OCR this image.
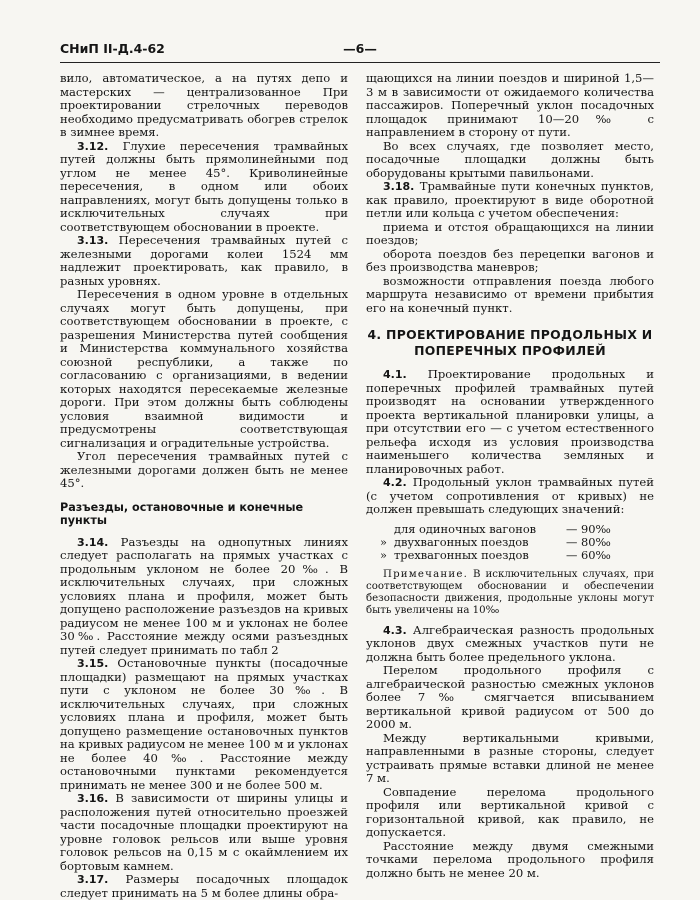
СНиП II-Д.4-62	—6—

вило, автоматическое, а на путях депо и мастерских — централизованное При проектировании стрелочных переводов необходимо предусматривать обогрев стрелок в зимнее время.

3.12. Глухие пересечения трамвайных путей должны быть прямолинейными под углом не менее 45°. Криволинейные пересечения, в одном или обоих направлениях, могут быть допущены только в исключительных случаях при соответствующем обосновании в проекте.

3.13. Пересечения трамвайных путей с железными дорогами колеи 1524 мм надлежит проектировать, как правило, в разных уровнях.

Пересечения в одном уровне в отдельных случаях могут быть допущены, при соответствующем обосновании в проекте, с разрешения Министерства путей сообщения и Министерства коммунального хозяйства союзной республики, а также по согласованию с организациями, в ведении которых находятся пересекаемые железные дороги. При этом должны быть соблюдены условия взаимной видимости и предусмотрены соответствующая сигнализация и оградительные устройства.

Угол пересечения трамвайных путей с железными дорогами должен быть не менее 45°.

Разъезды, остановочные и конечные пункты

3.14. Разъезды на однопутных линиях следует располагать на прямых участках с продольным уклоном не более 20‰. В исключительных случаях, при сложных условиях плана и профиля, может быть допущено расположение разъездов на кривых радиусом не менее 100 м и уклонах не более 30‰. Расстояние между осями разъездных путей следует принимать по табл 2

3.15. Остановочные пункты (посадочные площадки) размещают на прямых участках пути с уклоном не более 30‰. В исключительных случаях, при сложных условиях плана и профиля, может быть допущено размещение остановочных пунктов на кривых радиусом не менее 100 м и уклонах не более 40‰. Расстояние между остановочными пунктами рекомендуется принимать не менее 300 и не более 500 м.

3.16. В зависимости от ширины улицы и расположения путей относительно проезжей части посадочные площадки проектируют на уровне головок рельсов или выше уровня головок рельсов на 0,15 м с окаймлением их бортовым камнем.

3.17. Размеры посадочных площадок следует принимать на 5 м более длины обра-

щающихся на линии поездов и шириной 1,5—3 м в зависимости от ожидаемого количества пассажиров. Поперечный уклон посадочных площадок принимают 10—20‰ с направлением в сторону от пути.

Во всех случаях, где позволяет место, посадочные площадки должны быть оборудованы крытыми павильонами.

3.18. Трамвайные пути конечных пунктов, как правило, проектируют в виде оборотной петли или кольца с учетом обеспечения:

приема и отстоя обращающихся на линии поездов;

оборота поездов без перецепки вагонов и без производства маневров;

возможности отправления поезда любого маршрута независимо от времени прибытия его на конечный пункт.

4. ПРОЕКТИРОВАНИЕ ПРОДОЛЬНЫХ И ПОПЕРЕЧНЫХ ПРОФИЛЕЙ

4.1. Проектирование продольных и поперечных профилей трамвайных путей производят на основании утвержденного проекта вертикальной планировки улицы, а при отсутствии его — с учетом естественного рельефа исходя из условия производства наименьшего количества земляных и планировочных работ.

4.2. Продольный уклон трамвайных путей (с учетом сопротивления от кривых) не должен превышать следующих значений:

	для одиночных вагонов	— 90‰
»	двухвагонных поездов	— 80‰
»	трехвагонных поездов	— 60‰

Примечание. В исключительных случаях, при соответствующем обосновании и обеспечении безопасности движения, продольные уклоны могут быть увеличены на 10‰

4.3. Алгебраическая разность продольных уклонов двух смежных участков пути не должна быть более предельного уклона.

Перелом продольного профиля с алгебраической разностью смежных уклонов более 7‰ смягчается вписыванием вертикальной кривой радиусом от 500 до 2000 м.

Между вертикальными кривыми, направленными в разные стороны, следует устраивать прямые вставки длиной не менее 7 м.

Совпадение перелома продольного профиля или вертикальной кривой с горизонтальной кривой, как правило, не допускается.

Расстояние между двумя смежными точками перелома продольного профиля должно быть не менее 20 м.
